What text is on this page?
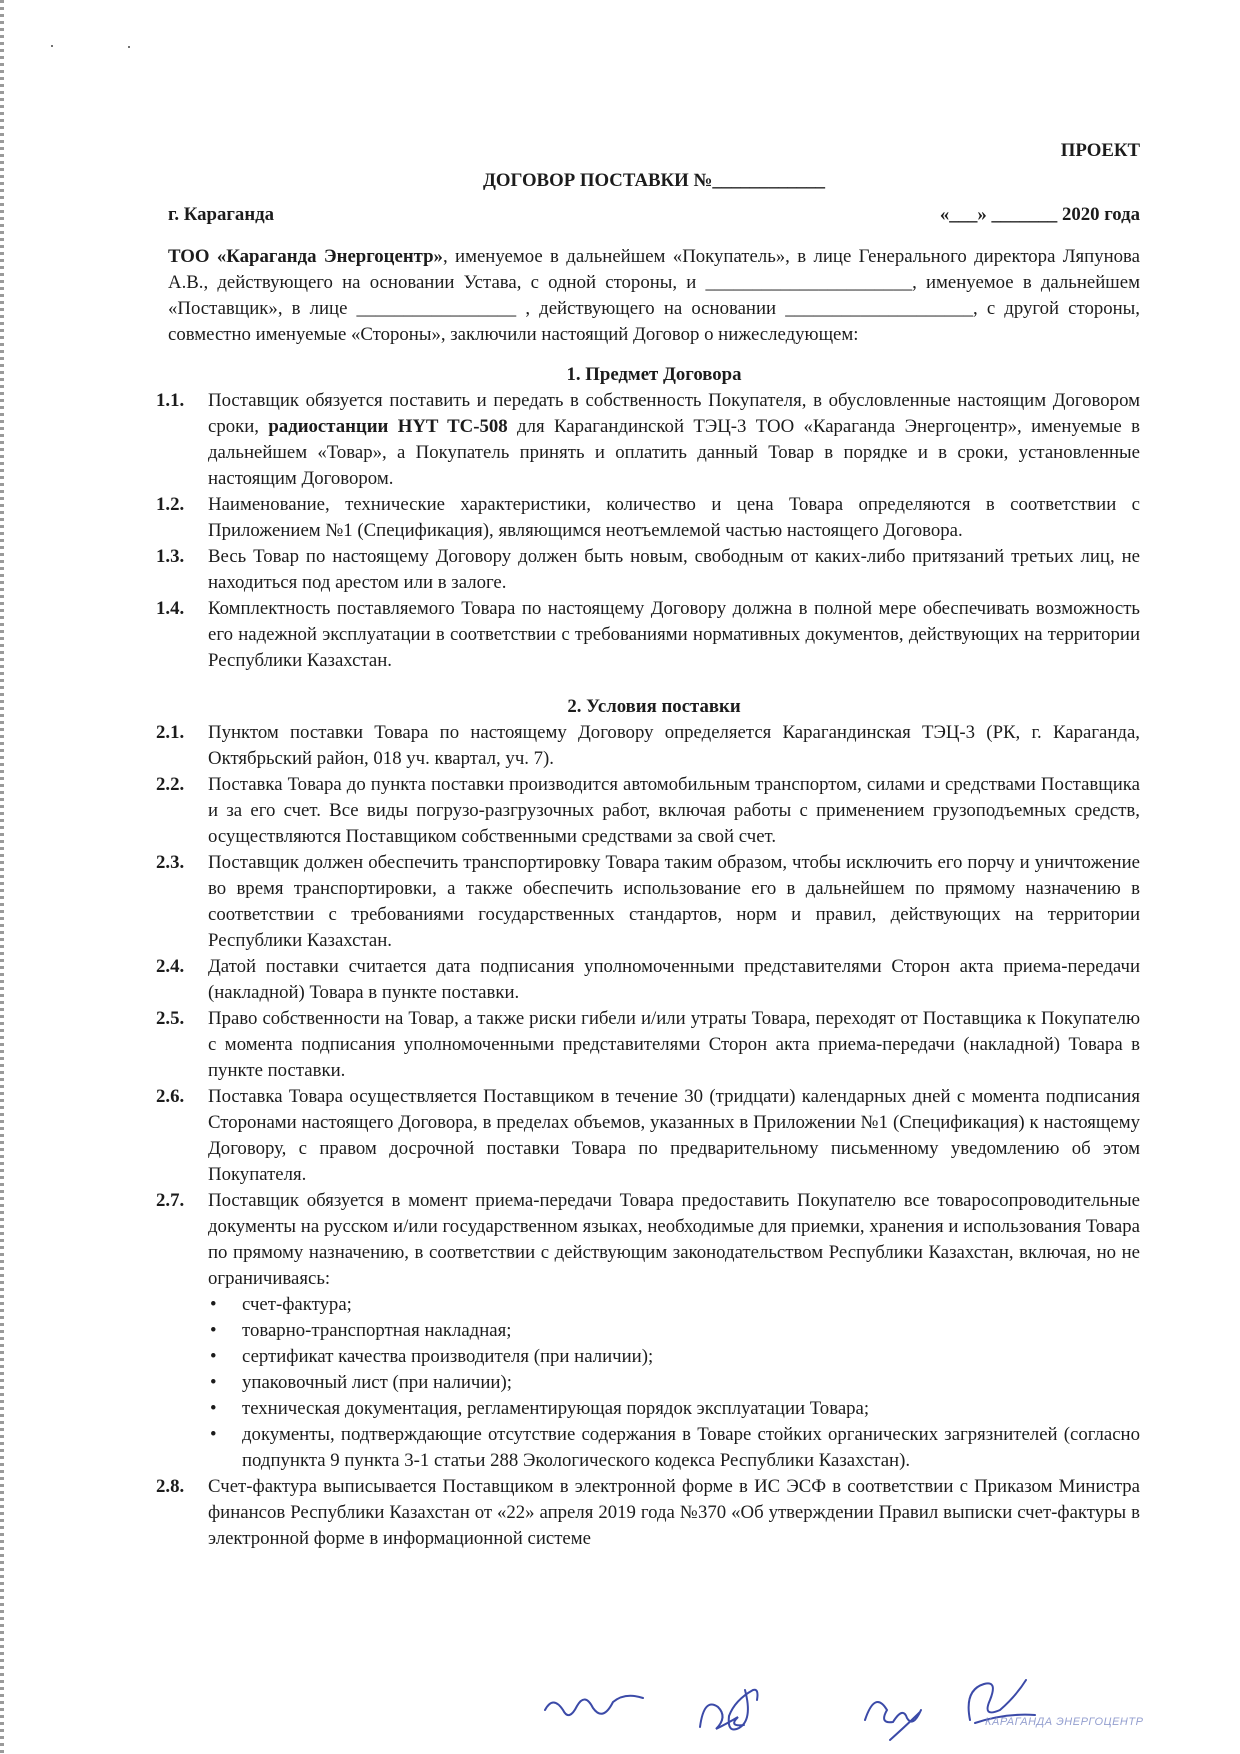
ПРОЕКТ
ДОГОВОР ПОСТАВКИ №____________
г. Караганда	«___» _______ 2020 года

ТОО «Караганда Энергоцентр», именуемое в дальнейшем «Покупатель», в лице Генерального директора Ляпунова А.В., действующего на основании Устава, с одной стороны, и ______________________, именуемое в дальнейшем «Поставщик», в лице _________________ , действующего на основании ____________________, с другой стороны, совместно именуемые «Стороны», заключили настоящий Договор о нижеследующем:

1. Предмет Договора
1.1.	Поставщик обязуется поставить и передать в собственность Покупателя, в обусловленные настоящим Договором сроки, радиостанции HYT TC-508 для Карагандинской ТЭЦ-3 ТОО «Караганда Энергоцентр», именуемые в дальнейшем «Товар», а Покупатель принять и оплатить данный Товар в порядке и в сроки, установленные настоящим Договором.
1.2.	Наименование, технические характеристики, количество и цена Товара определяются в соответствии с Приложением №1 (Спецификация), являющимся неотъемлемой частью настоящего Договора.
1.3.	Весь Товар по настоящему Договору должен быть новым, свободным от каких-либо притязаний третьих лиц, не находиться под арестом или в залоге.
1.4.	Комплектность поставляемого Товара по настоящему Договору должна в полной мере обеспечивать возможность его надежной эксплуатации в соответствии с требованиями нормативных документов, действующих на территории Республики Казахстан.
2. Условия поставки
2.1.	Пунктом поставки Товара по настоящему Договору определяется Карагандинская ТЭЦ-3 (РК, г. Караганда, Октябрьский район, 018 уч. квартал, уч. 7).
2.2.	Поставка Товара до пункта поставки производится автомобильным транспортом, силами и средствами Поставщика и за его счет. Все виды погрузо-разгрузочных работ, включая работы с применением грузоподъемных средств, осуществляются Поставщиком собственными средствами за свой счет.
2.3.	Поставщик должен обеспечить транспортировку Товара таким образом, чтобы исключить его порчу и уничтожение во время транспортировки, а также обеспечить использование его в дальнейшем по прямому назначению в соответствии с требованиями государственных стандартов, норм и правил, действующих на территории Республики Казахстан.
2.4.	Датой поставки считается дата подписания уполномоченными представителями Сторон акта приема-передачи (накладной) Товара в пункте поставки.
2.5.	Право собственности на Товар, а также риски гибели и/или утраты Товара, переходят от Поставщика к Покупателю с момента подписания уполномоченными представителями Сторон акта приема-передачи (накладной) Товара в пункте поставки.
2.6.	Поставка Товара осуществляется Поставщиком в течение 30 (тридцати) календарных дней с момента подписания Сторонами настоящего Договора, в пределах объемов, указанных в Приложении №1 (Спецификация) к настоящему Договору, с правом досрочной поставки Товара по предварительному письменному уведомлению об этом Покупателя.
2.7.	Поставщик обязуется в момент приема-передачи Товара предоставить Покупателю все товаросопроводительные документы на русском и/или государственном языках, необходимые для приемки, хранения и использования Товара по прямому назначению, в соответствии с действующим законодательством Республики Казахстан, включая, но не ограничиваясь:
• счет-фактура;
• товарно-транспортная накладная;
• сертификат качества производителя (при наличии);
• упаковочный лист (при наличии);
• техническая документация, регламентирующая порядок эксплуатации Товара;
• документы, подтверждающие отсутствие содержания в Товаре стойких органических загрязнителей (согласно подпункта 9 пункта 3-1 статьи 288 Экологического кодекса Республики Казахстан).
2.8.	Счет-фактура выписывается Поставщиком в электронной форме в ИС ЭСФ в соответствии с Приказом Министра финансов Республики Казахстан от «22» апреля 2019 года №370 «Об утверждении Правил выписки счет-фактуры в электронной форме в информационной системе
КАРАГАНДА ЭНЕРГОЦЕНТР
